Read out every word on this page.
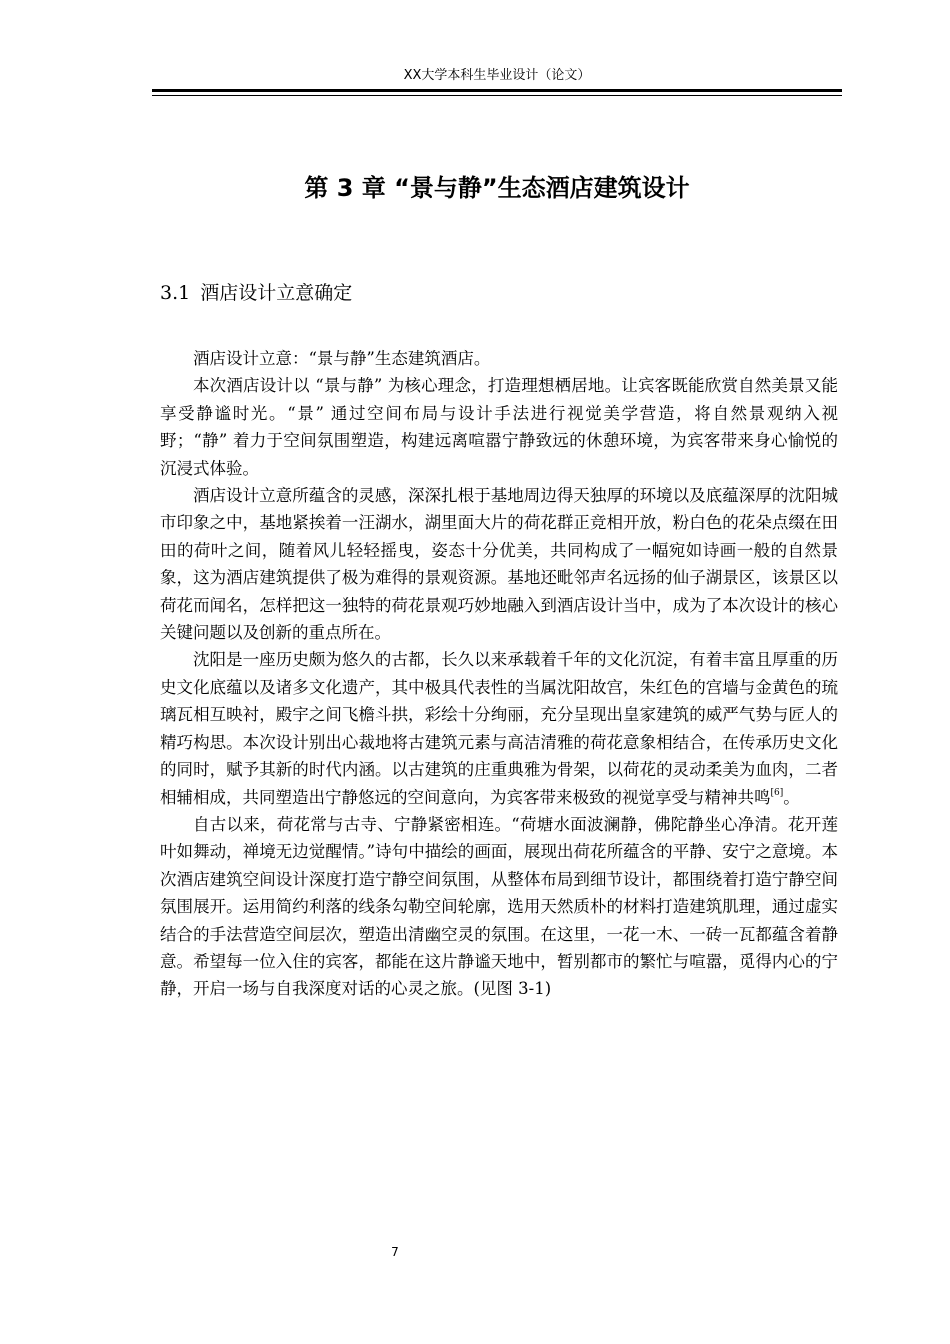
XX大学本科生毕业设计（论文）
第 3 章 “景与静”生态酒店建筑设计
3.1 酒店设计立意确定

酒店设计立意：“景与静”生态建筑酒店。

本次酒店设计以 “景与静” 为核心理念，打造理想栖居地。让宾客既能欣赏自然美景又能享受静谧时光。“景” 通过空间布局与设计手法进行视觉美学营造，将自然景观纳入视野；“静” 着力于空间氛围塑造，构建远离喧嚣宁静致远的休憩环境，为宾客带来身心愉悦的沉浸式体验。

酒店设计立意所蕴含的灵感，深深扎根于基地周边得天独厚的环境以及底蕴深厚的沈阳城市印象之中，基地紧挨着一汪湖水，湖里面大片的荷花群正竞相开放，粉白色的花朵点缀在田田的荷叶之间，随着风儿轻轻摇曳，姿态十分优美，共同构成了一幅宛如诗画一般的自然景象，这为酒店建筑提供了极为难得的景观资源。基地还毗邻声名远扬的仙子湖景区，该景区以荷花而闻名，怎样把这一独特的荷花景观巧妙地融入到酒店设计当中，成为了本次设计的核心关键问题以及创新的重点所在。

沈阳是一座历史颇为悠久的古都，长久以来承载着千年的文化沉淀，有着丰富且厚重的历史文化底蕴以及诸多文化遗产，其中极具代表性的当属沈阳故宫，朱红色的宫墙与金黄色的琉璃瓦相互映衬，殿宇之间飞檐斗拱，彩绘十分绚丽，充分呈现出皇家建筑的威严气势与匠人的精巧构思。本次设计别出心裁地将古建筑元素与高洁清雅的荷花意象相结合，在传承历史文化的同时，赋予其新的时代内涵。以古建筑的庄重典雅为骨架，以荷花的灵动柔美为血肉，二者相辅相成，共同塑造出宁静悠远的空间意向，为宾客带来极致的视觉享受与精神共鸣[6]。

自古以来，荷花常与古寺、宁静紧密相连。“荷塘水面波澜静，佛陀静坐心净清。花开莲叶如舞动，禅境无边觉醒情。”诗句中描绘的画面，展现出荷花所蕴含的平静、安宁之意境。本次酒店建筑空间设计深度打造宁静空间氛围，从整体布局到细节设计，都围绕着打造宁静空间氛围展开。运用简约利落的线条勾勒空间轮廓，选用天然质朴的材料打造建筑肌理，通过虚实结合的手法营造空间层次，塑造出清幽空灵的氛围。在这里，一花一木、一砖一瓦都蕴含着静意。希望每一位入住的宾客，都能在这片静谧天地中，暂别都市的繁忙与喧嚣，觅得内心的宁静，开启一场与自我深度对话的心灵之旅。(见图 3-1)

7
